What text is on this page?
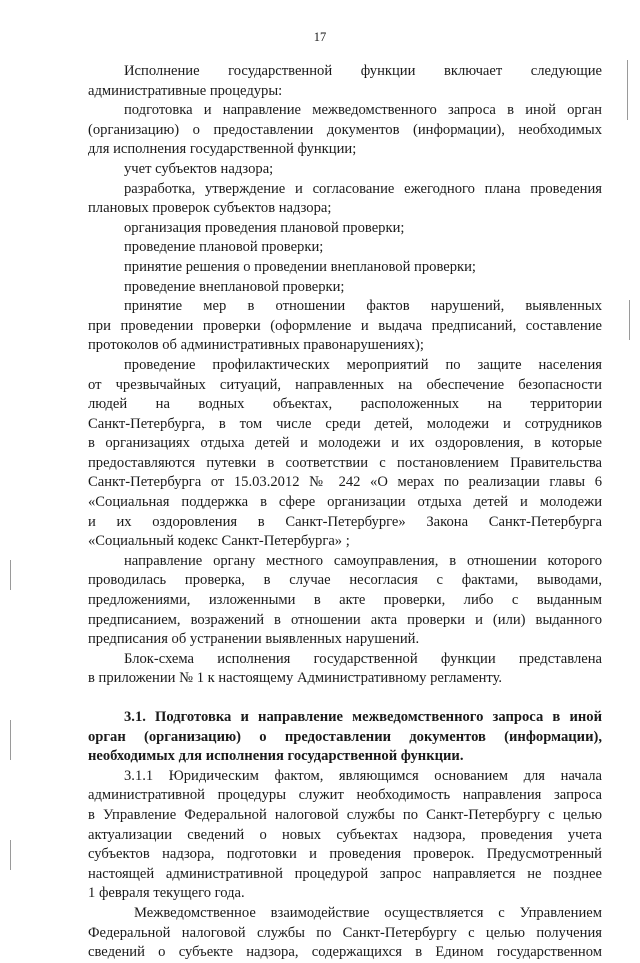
17
Исполнение государственной функции включает следующие
административные процедуры:
подготовка и направление межведомственного запроса в иной орган
(организацию) о предоставлении документов (информации), необходимых
для исполнения государственной функции;
учет субъектов надзора;
разработка, утверждение и согласование ежегодного плана проведения
плановых проверок субъектов надзора;
организация проведения плановой проверки;
проведение плановой проверки;
принятие решения о проведении внеплановой проверки;
проведение внеплановой проверки;
принятие мер в отношении фактов нарушений, выявленных
при проведении проверки (оформление и выдача предписаний, составление
протоколов об административных правонарушениях);
проведение профилактических мероприятий по защите населения
от чрезвычайных ситуаций, направленных на обеспечение безопасности
людей на водных объектах, расположенных на территории
Санкт-Петербурга, в том числе среди детей, молодежи и сотрудников
в организациях отдыха детей и молодежи и их оздоровления, в которые
предоставляются путевки в соответствии с постановлением Правительства
Санкт-Петербурга от 15.03.2012 № 242 «О мерах по реализации главы 6
«Социальная поддержка в сфере организации отдыха детей и молодежи
и их оздоровления в Санкт-Петербурге» Закона Санкт-Петербурга
«Социальный кодекс Санкт-Петербурга» ;
направление органу местного самоуправления, в отношении которого
проводилась проверка, в случае несогласия с фактами, выводами,
предложениями, изложенными в акте проверки, либо с выданным
предписанием, возражений в отношении акта проверки и (или) выданного
предписания об устранении выявленных нарушений.
Блок-схема исполнения государственной функции представлена
в приложении № 1 к настоящему Административному регламенту.
3.1. Подготовка и направление межведомственного запроса в иной
орган (организацию) о предоставлении документов (информации),
необходимых для исполнения государственной функции.
3.1.1 Юридическим фактом, являющимся основанием для начала
административной процедуры служит необходимость направления запроса
в Управление Федеральной налоговой службы по Санкт-Петербургу с целью
актуализации сведений о новых субъектах надзора, проведения учета
субъектов надзора, подготовки и проведения проверок. Предусмотренный
настоящей административной процедурой запрос направляется не позднее
1 февраля текущего года.
Межведомственное взаимодействие осуществляется с Управлением
Федеральной налоговой службы по Санкт-Петербургу с целью получения
сведений о субъекте надзора, содержащихся в Едином государственном
